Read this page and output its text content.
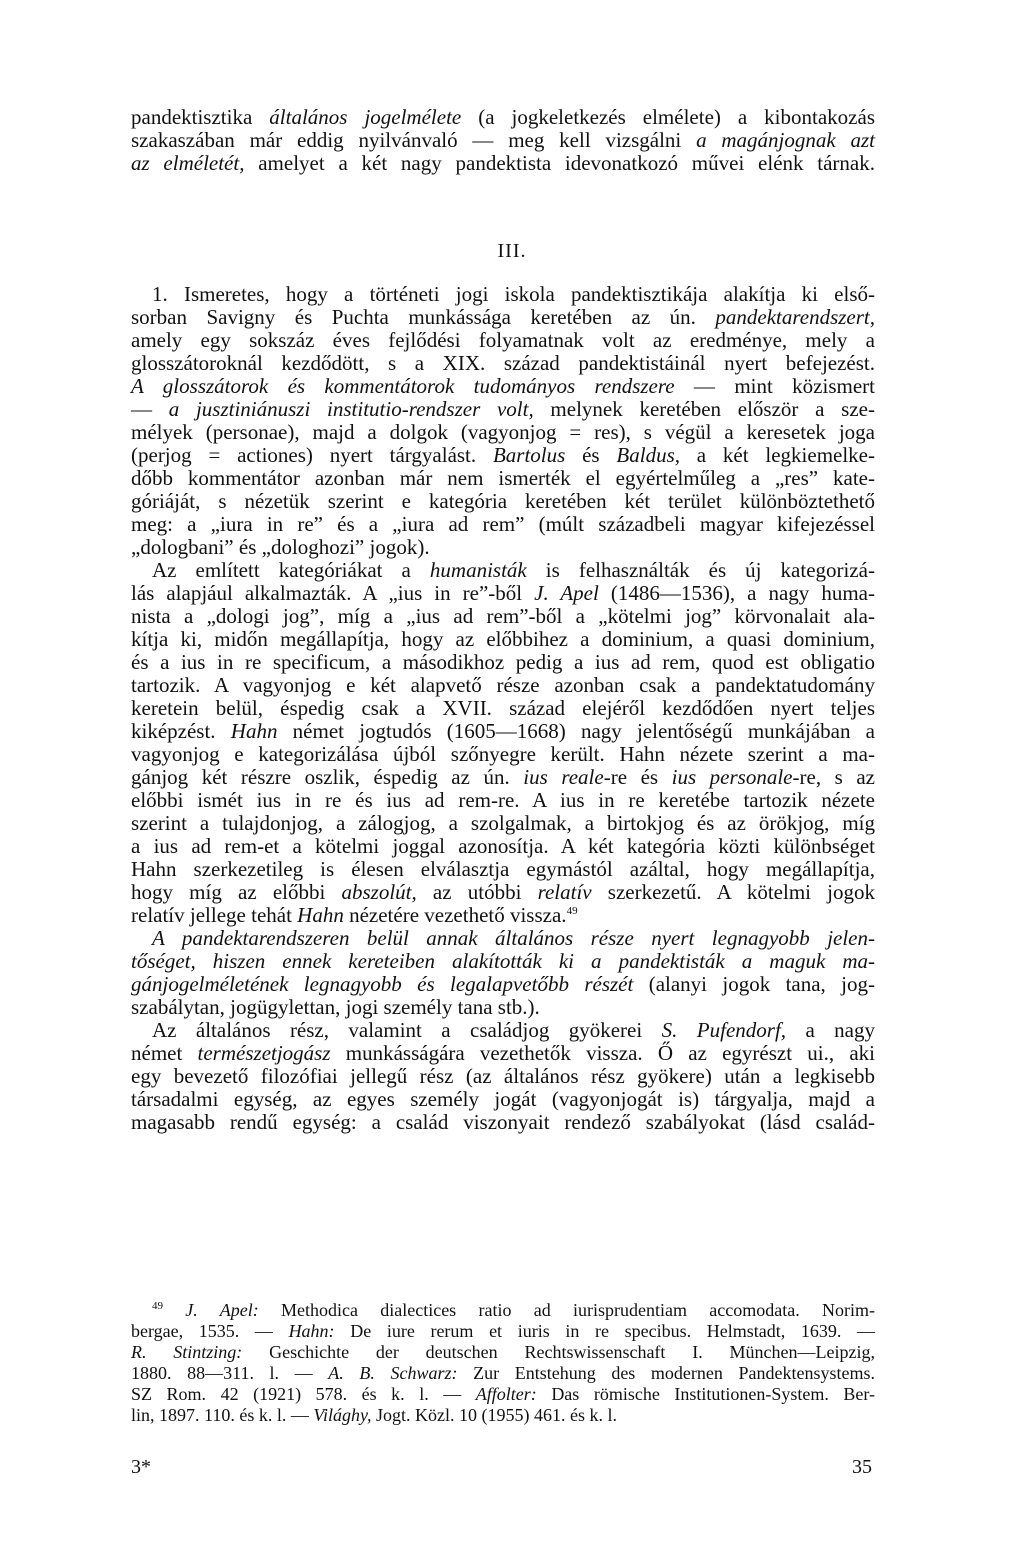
pandektisztika általános jogelmélete (a jogkeletkezés elmélete) a kibontakozás
szakaszában már eddig nyilvánvaló — meg kell vizsgálni a magánjognak azt
az elméletét, amelyet a két nagy pandektista idevonatkozó művei elénk tárnak.
III.
1. Ismeretes, hogy a történeti jogi iskola pandektisztikája alakítja ki első-
sorban Savigny és Puchta munkássága keretében az ún. pandektarendszert,
amely egy sokszáz éves fejlődési folyamatnak volt az eredménye, mely a
glosszátoroknál kezdődött, s a XIX. század pandektistáinál nyert befejezést.
A glosszátorok és kommentátorok tudományos rendszere — mint közismert
— a jusztiniánuszi institutio-rendszer volt, melynek keretében először a sze-
mélyek (personae), majd a dolgok (vagyonjog = res), s végül a keresetek joga
(perjog = actiones) nyert tárgyalást. Bartolus és Baldus, a két legkiemelke-
dőbb kommentátor azonban már nem ismerték el egyértelműleg a „res” kate-
góriáját, s nézetük szerint e kategória keretében két terület különböztethető
meg: a „iura in re” és a „iura ad rem” (múlt századbeli magyar kifejezéssel
„dologbani” és „dologhozi” jogok).
Az említett kategóriákat a humanisták is felhasználták és új kategorizá-
lás alapjául alkalmazták. A „ius in re”-ből J. Apel (1486—1536), a nagy huma-
nista a „dologi jog”, míg a „ius ad rem”-ből a „kötelmi jog” körvonalait ala-
kítja ki, midőn megállapítja, hogy az előbbihez a dominium, a quasi dominium,
és a ius in re specificum, a másodikhoz pedig a ius ad rem, quod est obligatio
tartozik. A vagyonjog e két alapvető része azonban csak a pandektatudomány
keretein belül, éspedig csak a XVII. század elejéről kezdődően nyert teljes
kiképzést. Hahn német jogtudós (1605—1668) nagy jelentőségű munkájában a
vagyonjog e kategorizálása újból szőnyegre került. Hahn nézete szerint a ma-
gánjog két részre oszlik, éspedig az ún. ius reale-re és ius personale-re, s az
előbbi ismét ius in re és ius ad rem-re. A ius in re keretébe tartozik nézete
szerint a tulajdonjog, a zálogjog, a szolgalmak, a birtokjog és az örökjog, míg
a ius ad rem-et a kötelmi joggal azonosítja. A két kategória közti különbséget
Hahn szerkezetileg is élesen elválasztja egymástól azáltal, hogy megállapítja,
hogy míg az előbbi abszolút, az utóbbi relatív szerkezetű. A kötelmi jogok
relatív jellege tehát Hahn nézetére vezethető vissza.$^{49}$
A pandektarendszeren belül annak általános része nyert legnagyobb jelen-
tőséget, hiszen ennek kereteiben alakították ki a pandektisták a maguk ma-
gánjogelméletének legnagyobb és legalapvetőbb részét (alanyi jogok tana, jog-
szabálytan, jogügylettan, jogi személy tana stb.).
Az általános rész, valamint a családjog gyökerei S. Pufendorf, a nagy
német természetjogász munkásságára vezethetők vissza. Ő az egyrészt ui., aki
egy bevezető filozófiai jellegű rész (az általános rész gyökere) után a legkisebb
társadalmi egység, az egyes személy jogát (vagyonjogát is) tárgyalja, majd a
magasabb rendű egység: a család viszonyait rendező szabályokat (lásd család-
$^{49}$ J. Apel: Methodica dialectices ratio ad iurisprudentiam accomodata. Norim-
bergae, 1535. — Hahn: De iure rerum et iuris in re specibus. Helmstadt, 1639. —
R. Stintzing: Geschichte der deutschen Rechtswissenschaft I. München—Leipzig,
1880. 88—311. l. — A. B. Schwarz: Zur Entstehung des modernen Pandektensystems.
SZ Rom. 42 (1921) 578. és k. l. — Affolter: Das römische Institutionen-System. Ber-
lin, 1897. 110. és k. l. — Világhy, Jogt. Közl. 10 (1955) 461. és k. l.
3*	35
